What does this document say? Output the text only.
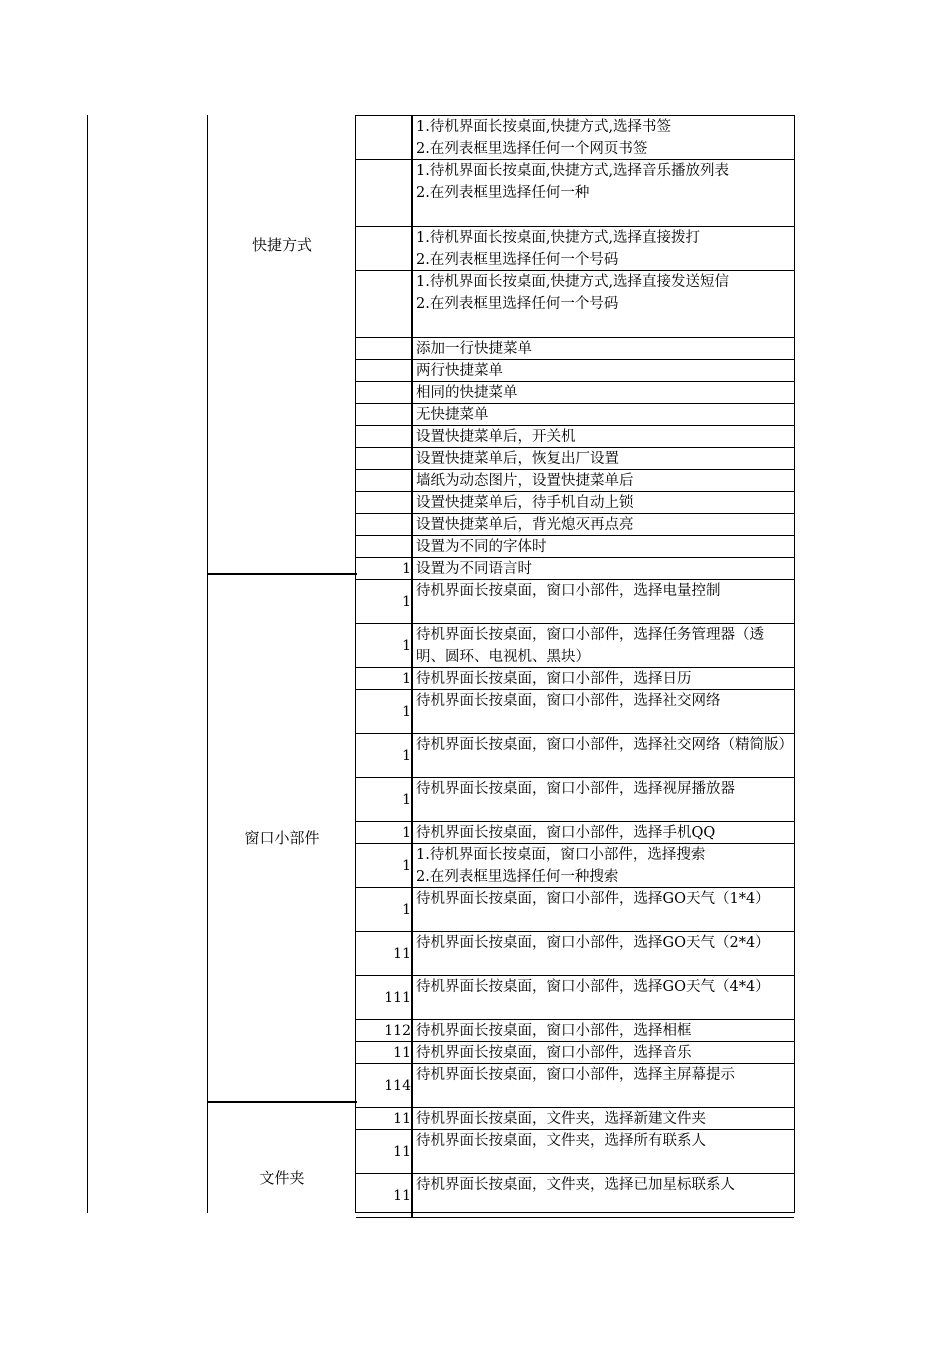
快捷方式
窗口小部件
文件夹
1.待机界面长按桌面,快捷方式,选择书签
2.在列表框里选择任何一个网页书签
1.待机界面长按桌面,快捷方式,选择音乐播放列表
2.在列表框里选择任何一种
1.待机界面长按桌面,快捷方式,选择直接拨打
2.在列表框里选择任何一个号码
1.待机界面长按桌面,快捷方式,选择直接发送短信
2.在列表框里选择任何一个号码
添加一行快捷菜单
两行快捷菜单
相同的快捷菜单
无快捷菜单
设置快捷菜单后，开关机
设置快捷菜单后，恢复出厂设置
墙纸为动态图片，设置快捷菜单后
设置快捷菜单后，待手机自动上锁
设置快捷菜单后，背光熄灭再点亮
设置为不同的字体时
1 设置为不同语言时
1
待机界面长按桌面，窗口小部件，选择电量控制
1
待机界面长按桌面，窗口小部件，选择任务管理器（透明、圆环、电视机、黑块）
1 待机界面长按桌面，窗口小部件，选择日历
1
待机界面长按桌面，窗口小部件，选择社交网络
1
待机界面长按桌面，窗口小部件，选择社交网络（精简版）
1
待机界面长按桌面，窗口小部件，选择视屏播放器
1 待机界面长按桌面，窗口小部件，选择手机QQ
1
1.待机界面长按桌面，窗口小部件，选择搜索
2.在列表框里选择任何一种搜索
1
待机界面长按桌面，窗口小部件，选择GO天气（1*4）
11
待机界面长按桌面，窗口小部件，选择GO天气（2*4）
111
待机界面长按桌面，窗口小部件，选择GO天气（4*4）
112 待机界面长按桌面，窗口小部件，选择相框
11 待机界面长按桌面，窗口小部件，选择音乐
114
待机界面长按桌面，窗口小部件，选择主屏幕提示
11 待机界面长按桌面，文件夹，选择新建文件夹
11
待机界面长按桌面，文件夹，选择所有联系人
11
待机界面长按桌面，文件夹，选择已加星标联系人
